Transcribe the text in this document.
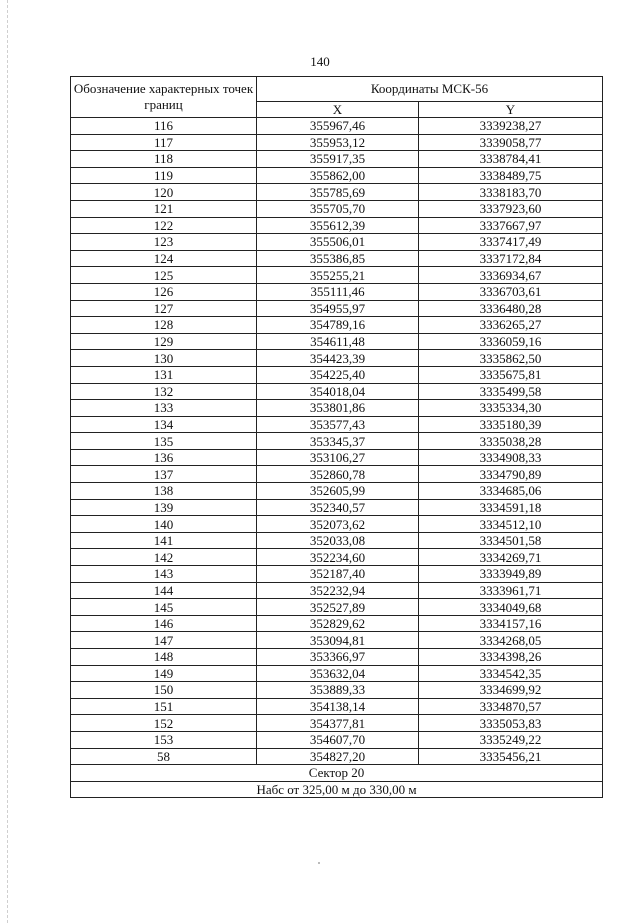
140
Обозначение характерных точек границ	Координаты МСК-56	
	X	Y
116	355967,46	3339238,27
117	355953,12	3339058,77
118	355917,35	3338784,41
119	355862,00	3338489,75
120	355785,69	3338183,70
121	355705,70	3337923,60
122	355612,39	3337667,97
123	355506,01	3337417,49
124	355386,85	3337172,84
125	355255,21	3336934,67
126	355111,46	3336703,61
127	354955,97	3336480,28
128	354789,16	3336265,27
129	354611,48	3336059,16
130	354423,39	3335862,50
131	354225,40	3335675,81
132	354018,04	3335499,58
133	353801,86	3335334,30
134	353577,43	3335180,39
135	353345,37	3335038,28
136	353106,27	3334908,33
137	352860,78	3334790,89
138	352605,99	3334685,06
139	352340,57	3334591,18
140	352073,62	3334512,10
141	352033,08	3334501,58
142	352234,60	3334269,71
143	352187,40	3333949,89
144	352232,94	3333961,71
145	352527,89	3334049,68
146	352829,62	3334157,16
147	353094,81	3334268,05
148	353366,97	3334398,26
149	353632,04	3334542,35
150	353889,33	3334699,92
151	354138,14	3334870,57
152	354377,81	3335053,83
153	354607,70	3335249,22
58	354827,20	3335456,21
Сектор 20		
Набс от 325,00 м до 330,00 м		
